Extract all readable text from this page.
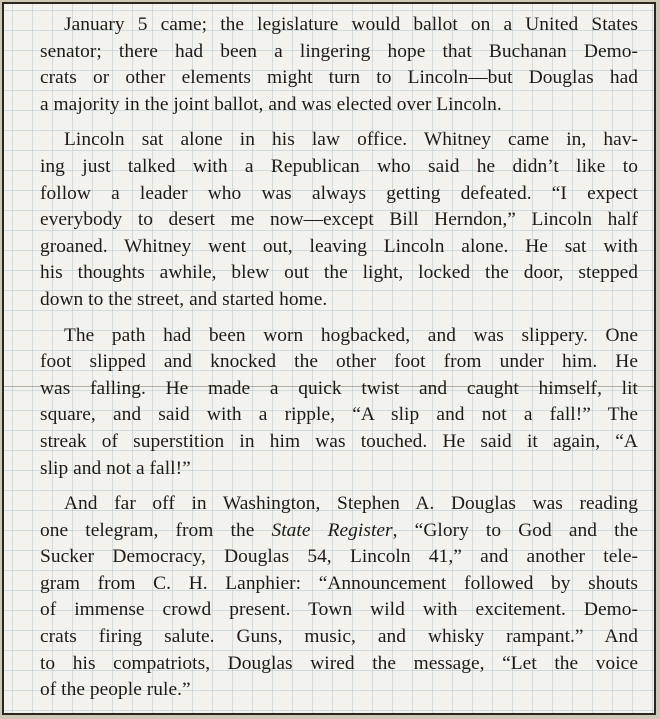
January 5 came; the legislature would ballot on a United States
senator; there had been a lingering hope that Buchanan Demo-
crats or other elements might turn to Lincoln—but Douglas had
a majority in the joint ballot, and was elected over Lincoln.
Lincoln sat alone in his law office. Whitney came in, hav-
ing just talked with a Republican who said he didn’t like to
follow a leader who was always getting defeated. “I expect
everybody to desert me now—except Bill Herndon,” Lincoln half
groaned. Whitney went out, leaving Lincoln alone. He sat with
his thoughts awhile, blew out the light, locked the door, stepped
down to the street, and started home.
The path had been worn hogbacked, and was slippery. One
foot slipped and knocked the other foot from under him. He
was falling. He made a quick twist and caught himself, lit
square, and said with a ripple, “A slip and not a fall!” The
streak of superstition in him was touched. He said it again, “A
slip and not a fall!”
And far off in Washington, Stephen A. Douglas was reading
one telegram, from the State Register, “Glory to God and the
Sucker Democracy, Douglas 54, Lincoln 41,” and another tele-
gram from C. H. Lanphier: “Announcement followed by shouts
of immense crowd present. Town wild with excitement. Demo-
crats firing salute. Guns, music, and whisky rampant.” And
to his compatriots, Douglas wired the message, “Let the voice
of the people rule.”
